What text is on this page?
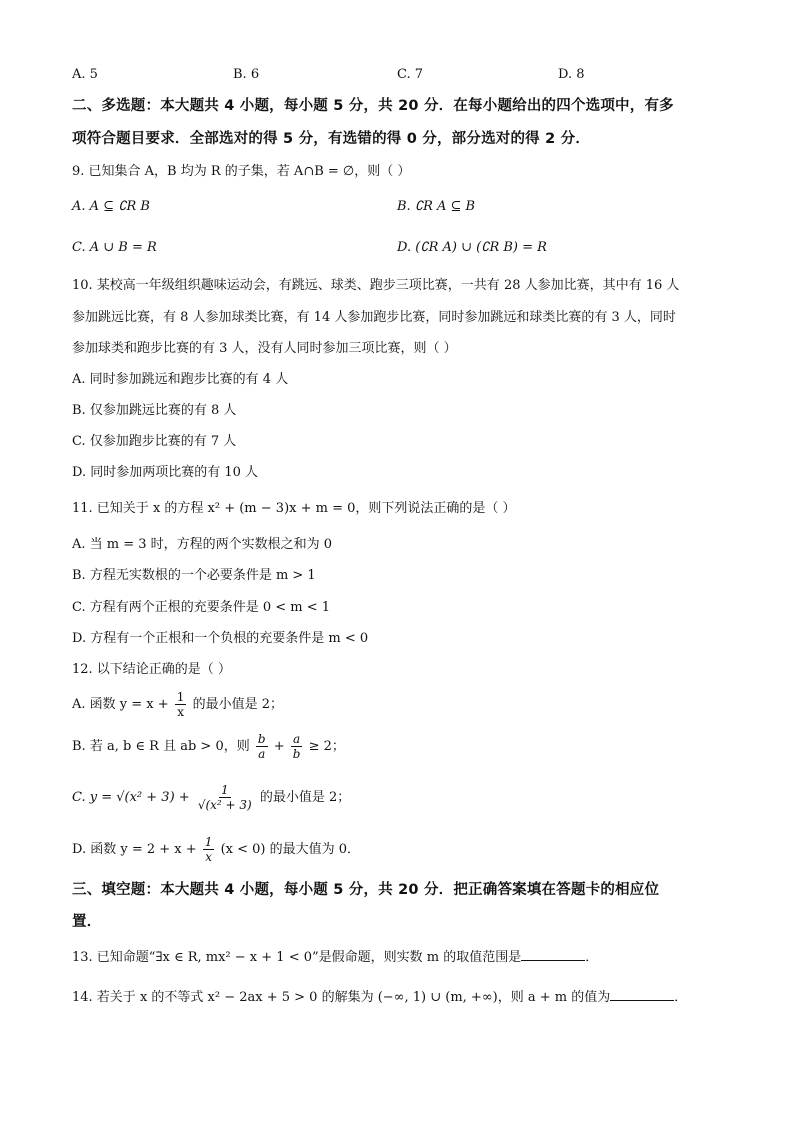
A. 5	B. 6	C. 7	D. 8
二、多选题：本大题共 4 小题，每小题 5 分，共 20 分．在每小题给出的四个选项中，有多
项符合题目要求．全部选对的得 5 分，有选错的得 0 分，部分选对的得 2 分．
9. 已知集合 A，B 均为 R 的子集，若 A∩B = ∅，则（ ）
A. A ⊆ ∁R B	B. ∁R A ⊆ B
C. A ∪ B = R	D. (∁R A) ∪ (∁R B) = R
10. 某校高一年级组织趣味运动会，有跳远、球类、跑步三项比赛，一共有 28 人参加比赛，其中有 16 人
参加跳远比赛，有 8 人参加球类比赛，有 14 人参加跑步比赛，同时参加跳远和球类比赛的有 3 人，同时
参加球类和跑步比赛的有 3 人，没有人同时参加三项比赛，则（ ）
A. 同时参加跳远和跑步比赛的有 4 人
B. 仅参加跳远比赛的有 8 人
C. 仅参加跑步比赛的有 7 人
D. 同时参加两项比赛的有 10 人
11. 已知关于 x 的方程 x² + (m − 3)x + m = 0，则下列说法正确的是（ ）
A. 当 m = 3 时，方程的两个实数根之和为 0
B. 方程无实数根的一个必要条件是 m > 1
C. 方程有两个正根的充要条件是 0 < m < 1
D. 方程有一个正根和一个负根的充要条件是 m < 0
12. 以下结论正确的是（ ）
A. 函数 $y = x + \frac{1}{x}$ 的最小值是 2；
B. 若 a, b ∈ R 且 ab > 0，则 $\frac{b}{a} + \frac{a}{b} \ge 2$；
C. $y = √(x^2 + 3) + \frac{1}{\text{√(x² + 3)}}$ 的最小值是 2；
D. 函数 $y = 2 + x + \frac{1}{x} (x < 0)$ 的最大值为 0．
三、填空题：本大题共 4 小题，每小题 5 分，共 20 分．把正确答案填在答题卡的相应位
置．
13. 已知命题“∃x ∈ R, mx² − x + 1 < 0”是假命题，则实数 m 的取值范围是	．
14. 若关于 x 的不等式 x² − 2ax + 5 > 0 的解集为 (−∞, 1) ∪ (m, +∞)，则 a + m 的值为	．
